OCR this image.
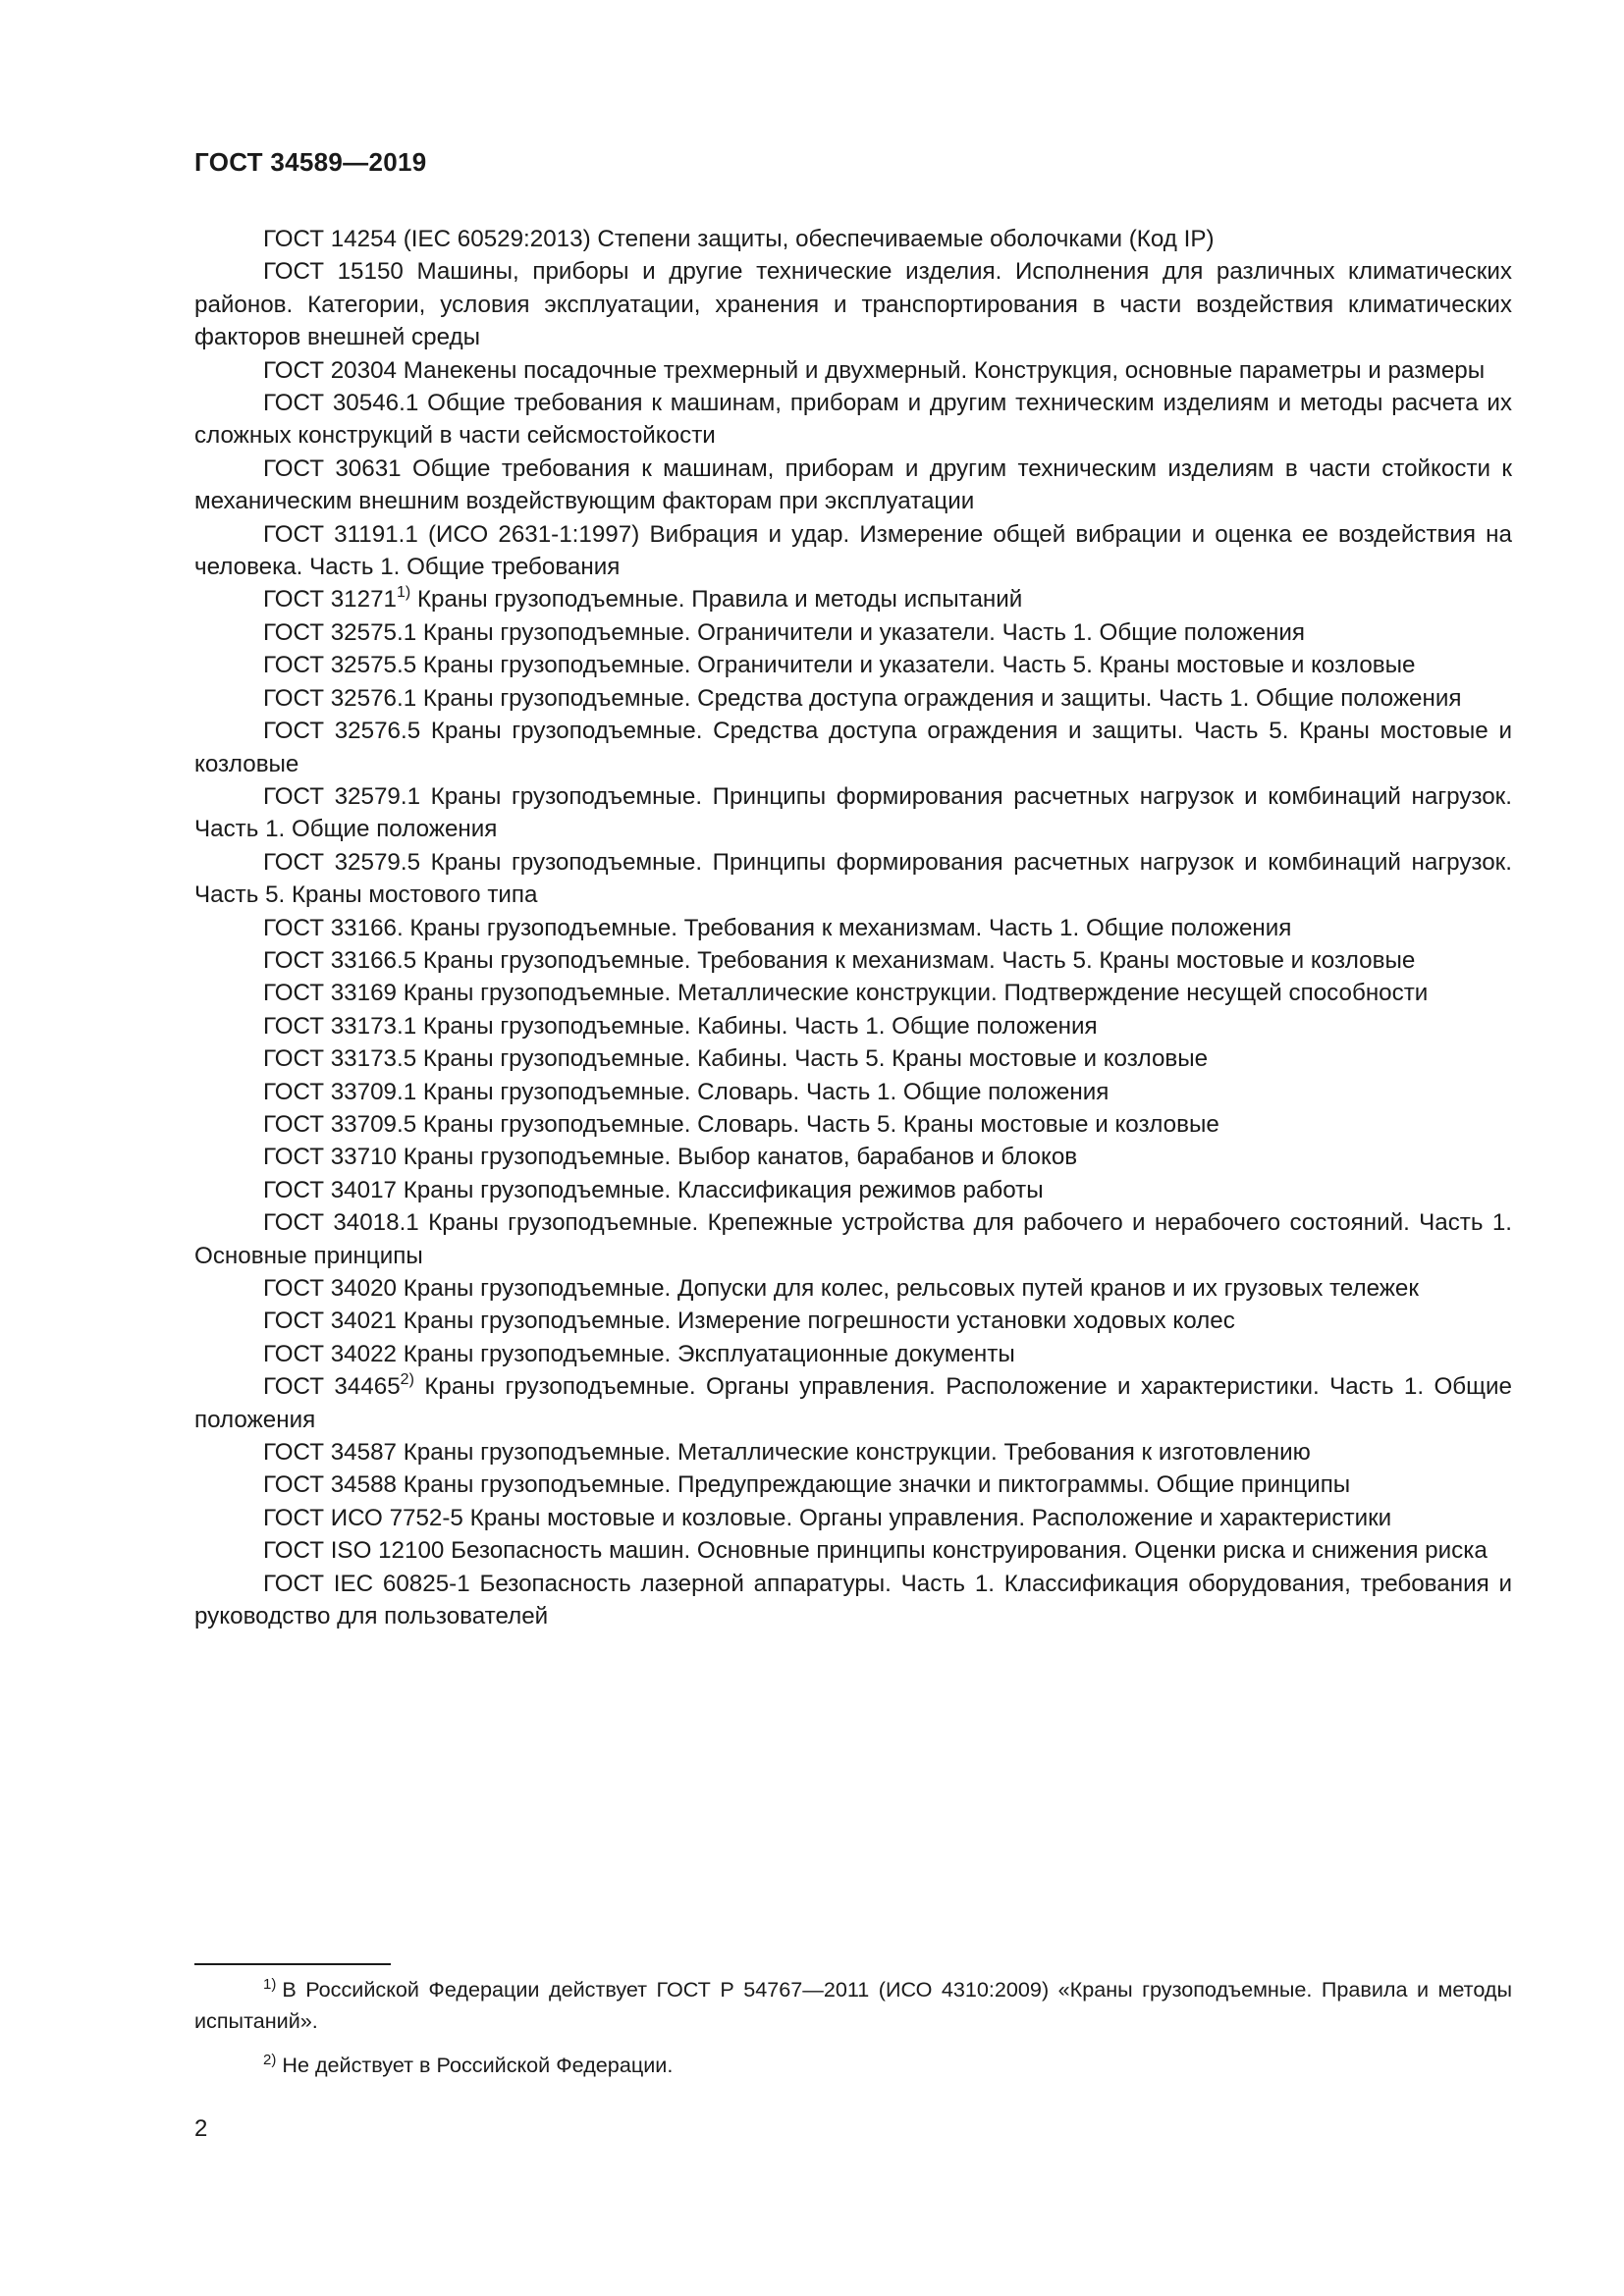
ГОСТ 34589—2019

ГОСТ 14254 (IEC 60529:2013) Степени защиты, обеспечиваемые оболочками (Код IP)

ГОСТ 15150 Машины, приборы и другие технические изделия. Исполнения для различных климатических районов. Категории, условия эксплуатации, хранения и транспортирования в части воздействия климатических факторов внешней среды

ГОСТ 20304 Манекены посадочные трехмерный и двухмерный. Конструкция, основные параметры и размеры

ГОСТ 30546.1 Общие требования к машинам, приборам и другим техническим изделиям и методы расчета их сложных конструкций в части сейсмостойкости

ГОСТ 30631 Общие требования к машинам, приборам и другим техническим изделиям в части стойкости к механическим внешним воздействующим факторам при эксплуатации

ГОСТ 31191.1 (ИСО 2631-1:1997) Вибрация и удар. Измерение общей вибрации и оценка ее воздействия на человека. Часть 1. Общие требования

ГОСТ 31271$^{1)}$ Краны грузоподъемные. Правила и методы испытаний

ГОСТ 32575.1 Краны грузоподъемные. Ограничители и указатели. Часть 1. Общие положения

ГОСТ 32575.5 Краны грузоподъемные. Ограничители и указатели. Часть 5. Краны мостовые и козловые

ГОСТ 32576.1 Краны грузоподъемные. Средства доступа ограждения и защиты. Часть 1. Общие положения

ГОСТ 32576.5 Краны грузоподъемные. Средства доступа ограждения и защиты. Часть 5. Краны мостовые и козловые

ГОСТ 32579.1 Краны грузоподъемные. Принципы формирования расчетных нагрузок и комбинаций нагрузок. Часть 1. Общие положения

ГОСТ 32579.5 Краны грузоподъемные. Принципы формирования расчетных нагрузок и комбинаций нагрузок. Часть 5. Краны мостового типа

ГОСТ 33166. Краны грузоподъемные. Требования к механизмам. Часть 1. Общие положения

ГОСТ 33166.5 Краны грузоподъемные. Требования к механизмам. Часть 5. Краны мостовые и козловые

ГОСТ 33169 Краны грузоподъемные. Металлические конструкции. Подтверждение несущей способности

ГОСТ 33173.1 Краны грузоподъемные. Кабины. Часть 1. Общие положения

ГОСТ 33173.5 Краны грузоподъемные. Кабины. Часть 5. Краны мостовые и козловые

ГОСТ 33709.1 Краны грузоподъемные. Словарь. Часть 1. Общие положения

ГОСТ 33709.5 Краны грузоподъемные. Словарь. Часть 5. Краны мостовые и козловые

ГОСТ 33710 Краны грузоподъемные. Выбор канатов, барабанов и блоков

ГОСТ 34017 Краны грузоподъемные. Классификация режимов работы

ГОСТ 34018.1 Краны грузоподъемные. Крепежные устройства для рабочего и нерабочего состояний. Часть 1. Основные принципы

ГОСТ 34020 Краны грузоподъемные. Допуски для колес, рельсовых путей кранов и их грузовых тележек

ГОСТ 34021 Краны грузоподъемные. Измерение погрешности установки ходовых колес

ГОСТ 34022 Краны грузоподъемные. Эксплуатационные документы

ГОСТ 34465$^{2)}$ Краны грузоподъемные. Органы управления. Расположение и характеристики. Часть 1. Общие положения

ГОСТ 34587 Краны грузоподъемные. Металлические конструкции. Требования к изготовлению

ГОСТ 34588 Краны грузоподъемные. Предупреждающие значки и пиктограммы. Общие принципы

ГОСТ ИСО 7752-5 Краны мостовые и козловые. Органы управления. Расположение и характеристики

ГОСТ ISO 12100 Безопасность машин. Основные принципы конструирования. Оценки риска и снижения риска

ГОСТ IEC 60825-1 Безопасность лазерной аппаратуры. Часть 1. Классификация оборудования, требования и руководство для пользователей

$^{1)}$ В Российской Федерации действует ГОСТ Р 54767—2011 (ИСО 4310:2009) «Краны грузоподъемные. Правила и методы испытаний».

$^{2)}$ Не действует в Российской Федерации.

2
